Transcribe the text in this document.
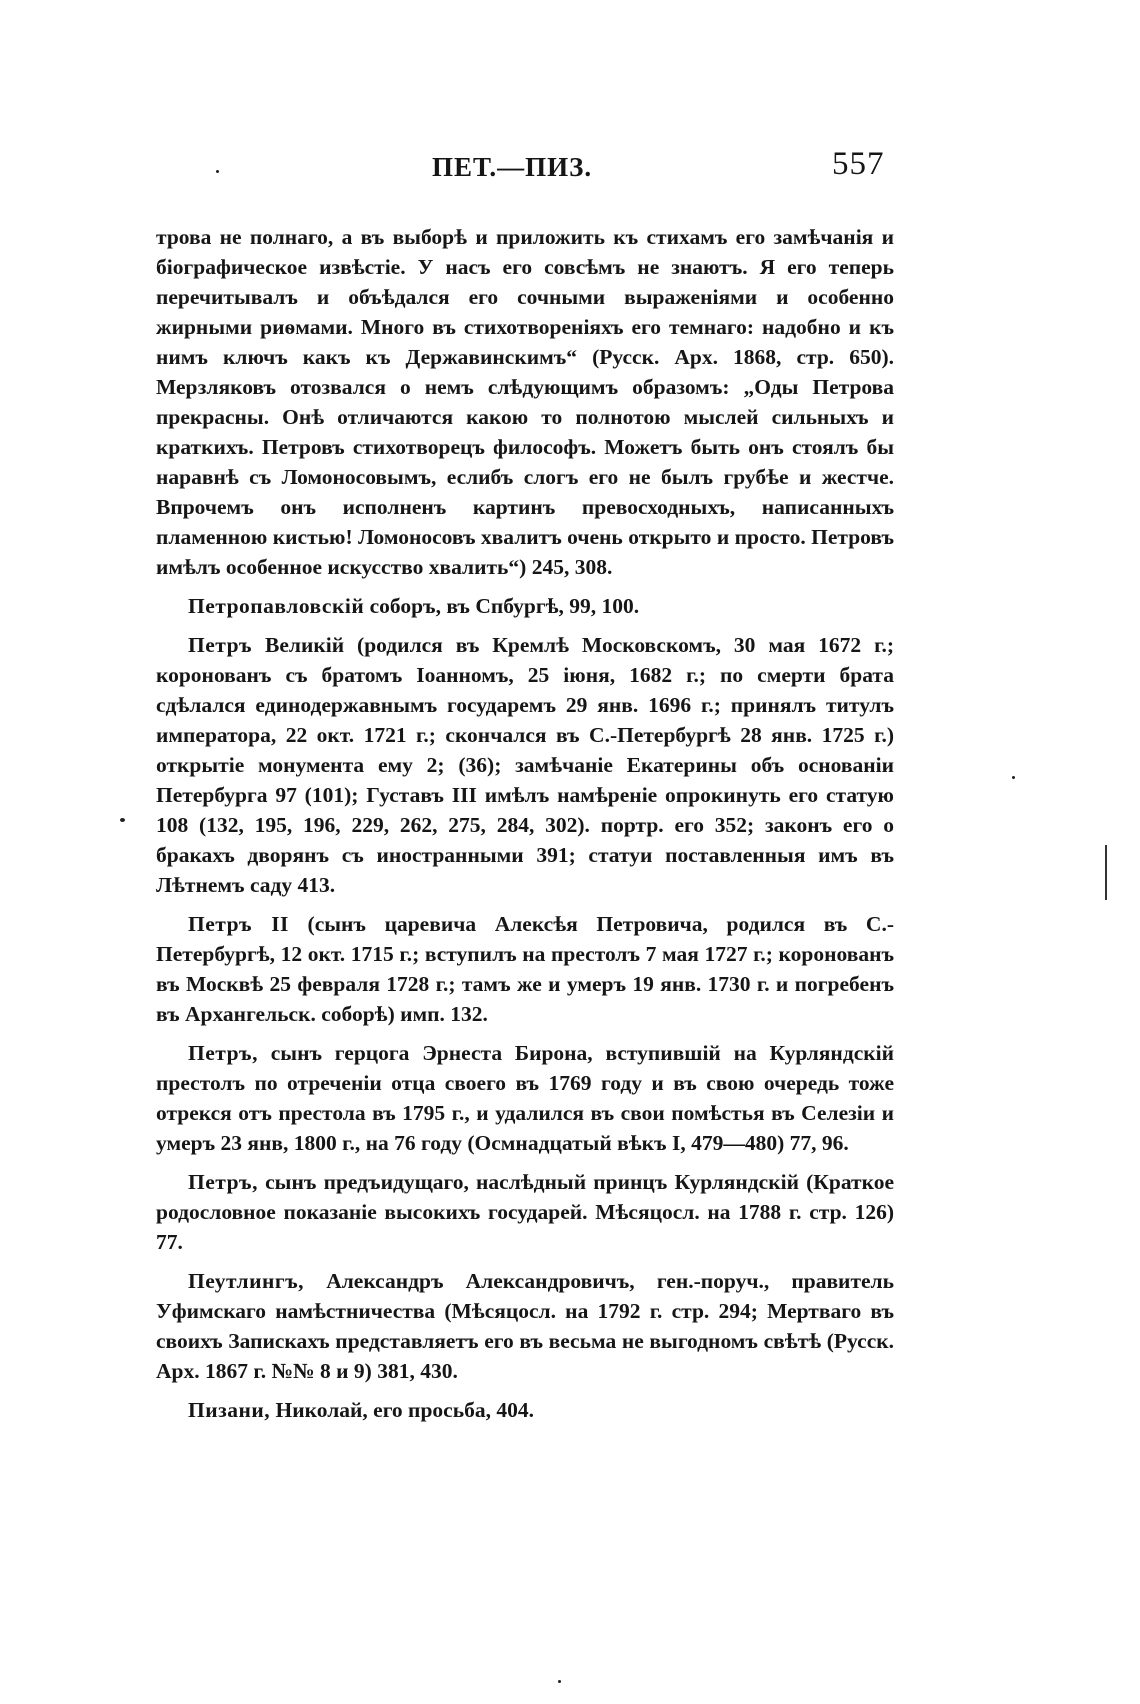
ПЕТ.—ПИЗ.	557

трова не полнаго, а въ выборѣ и приложить къ стихамъ его замѣчанія и біографическое извѣстіе. У насъ его совсѣмъ не знаютъ. Я его теперь перечитывалъ и объѣдался его сочными выраженіями и особенно жирными риѳмами. Много въ стихотвореніяхъ его темнаго: надобно и къ нимъ ключъ какъ къ Державинскимъ“ (Русск. Арх. 1868, стр. 650). Мерзляковъ отозвался о немъ слѣдующимъ образомъ: „Оды Петрова прекрасны. Онѣ отличаются какою то полнотою мыслей сильныхъ и краткихъ. Петровъ стихотворецъ философъ. Можетъ быть онъ стоялъ бы наравнѣ съ Ломоносовымъ, еслибъ слогъ его не былъ грубѣе и жестче. Впрочемъ онъ исполненъ картинъ превосходныхъ, написанныхъ пламенною кистью! Ломоносовъ хвалитъ очень открыто и просто. Петровъ имѣлъ особенное искусство хвалить“) 245, 308.

Петропавловскій соборъ, въ Спбургѣ, 99, 100.

Петръ Великій (родился въ Кремлѣ Московскомъ, 30 мая 1672 г.; коронованъ съ братомъ Іоанномъ, 25 іюня, 1682 г.; по смерти брата сдѣлался единодержавнымъ государемъ 29 янв. 1696 г.; принялъ титулъ императора, 22 окт. 1721 г.; скончался въ С.-Петербургѣ 28 янв. 1725 г.) открытіе монумента ему 2; (36); замѣчаніе Екатерины объ основаніи Петербурга 97 (101); Густавъ III имѣлъ намѣреніе опрокинуть его статую 108 (132, 195, 196, 229, 262, 275, 284, 302). портр. его 352; законъ его о бракахъ дворянъ съ иностранными 391; статуи поставленныя имъ въ Лѣтнемъ саду 413.

Петръ II (сынъ царевича Алексѣя Петровича, родился въ С.-Петербургѣ, 12 окт. 1715 г.; вступилъ на престолъ 7 мая 1727 г.; коронованъ въ Москвѣ 25 февраля 1728 г.; тамъ же и умеръ 19 янв. 1730 г. и погребенъ въ Архангельск. соборѣ) имп. 132.

Петръ, сынъ герцога Эрнеста Бирона, вступившій на Курляндскій престолъ по отреченіи отца своего въ 1769 году и въ свою очередь тоже отрекся отъ престола въ 1795 г., и удалился въ свои помѣстья въ Селезіи и умеръ 23 янв, 1800 г., на 76 году (Осмнадцатый вѣкъ I, 479—480) 77, 96.

Петръ, сынъ предъидущаго, наслѣдный принцъ Курляндскій (Краткое родословное показаніе высокихъ государей. Мѣсяцосл. на 1788 г. стр. 126) 77.

Пеутлингъ, Александръ Александровичъ, ген.-поруч., правитель Уфимскаго намѣстничества (Мѣсяцосл. на 1792 г. стр. 294; Мертваго въ своихъ Запискахъ представляетъ его въ весьма не выгодномъ свѣтѣ (Русск. Арх. 1867 г. №№ 8 и 9) 381, 430.

Пизани, Николай, его просьба, 404.
